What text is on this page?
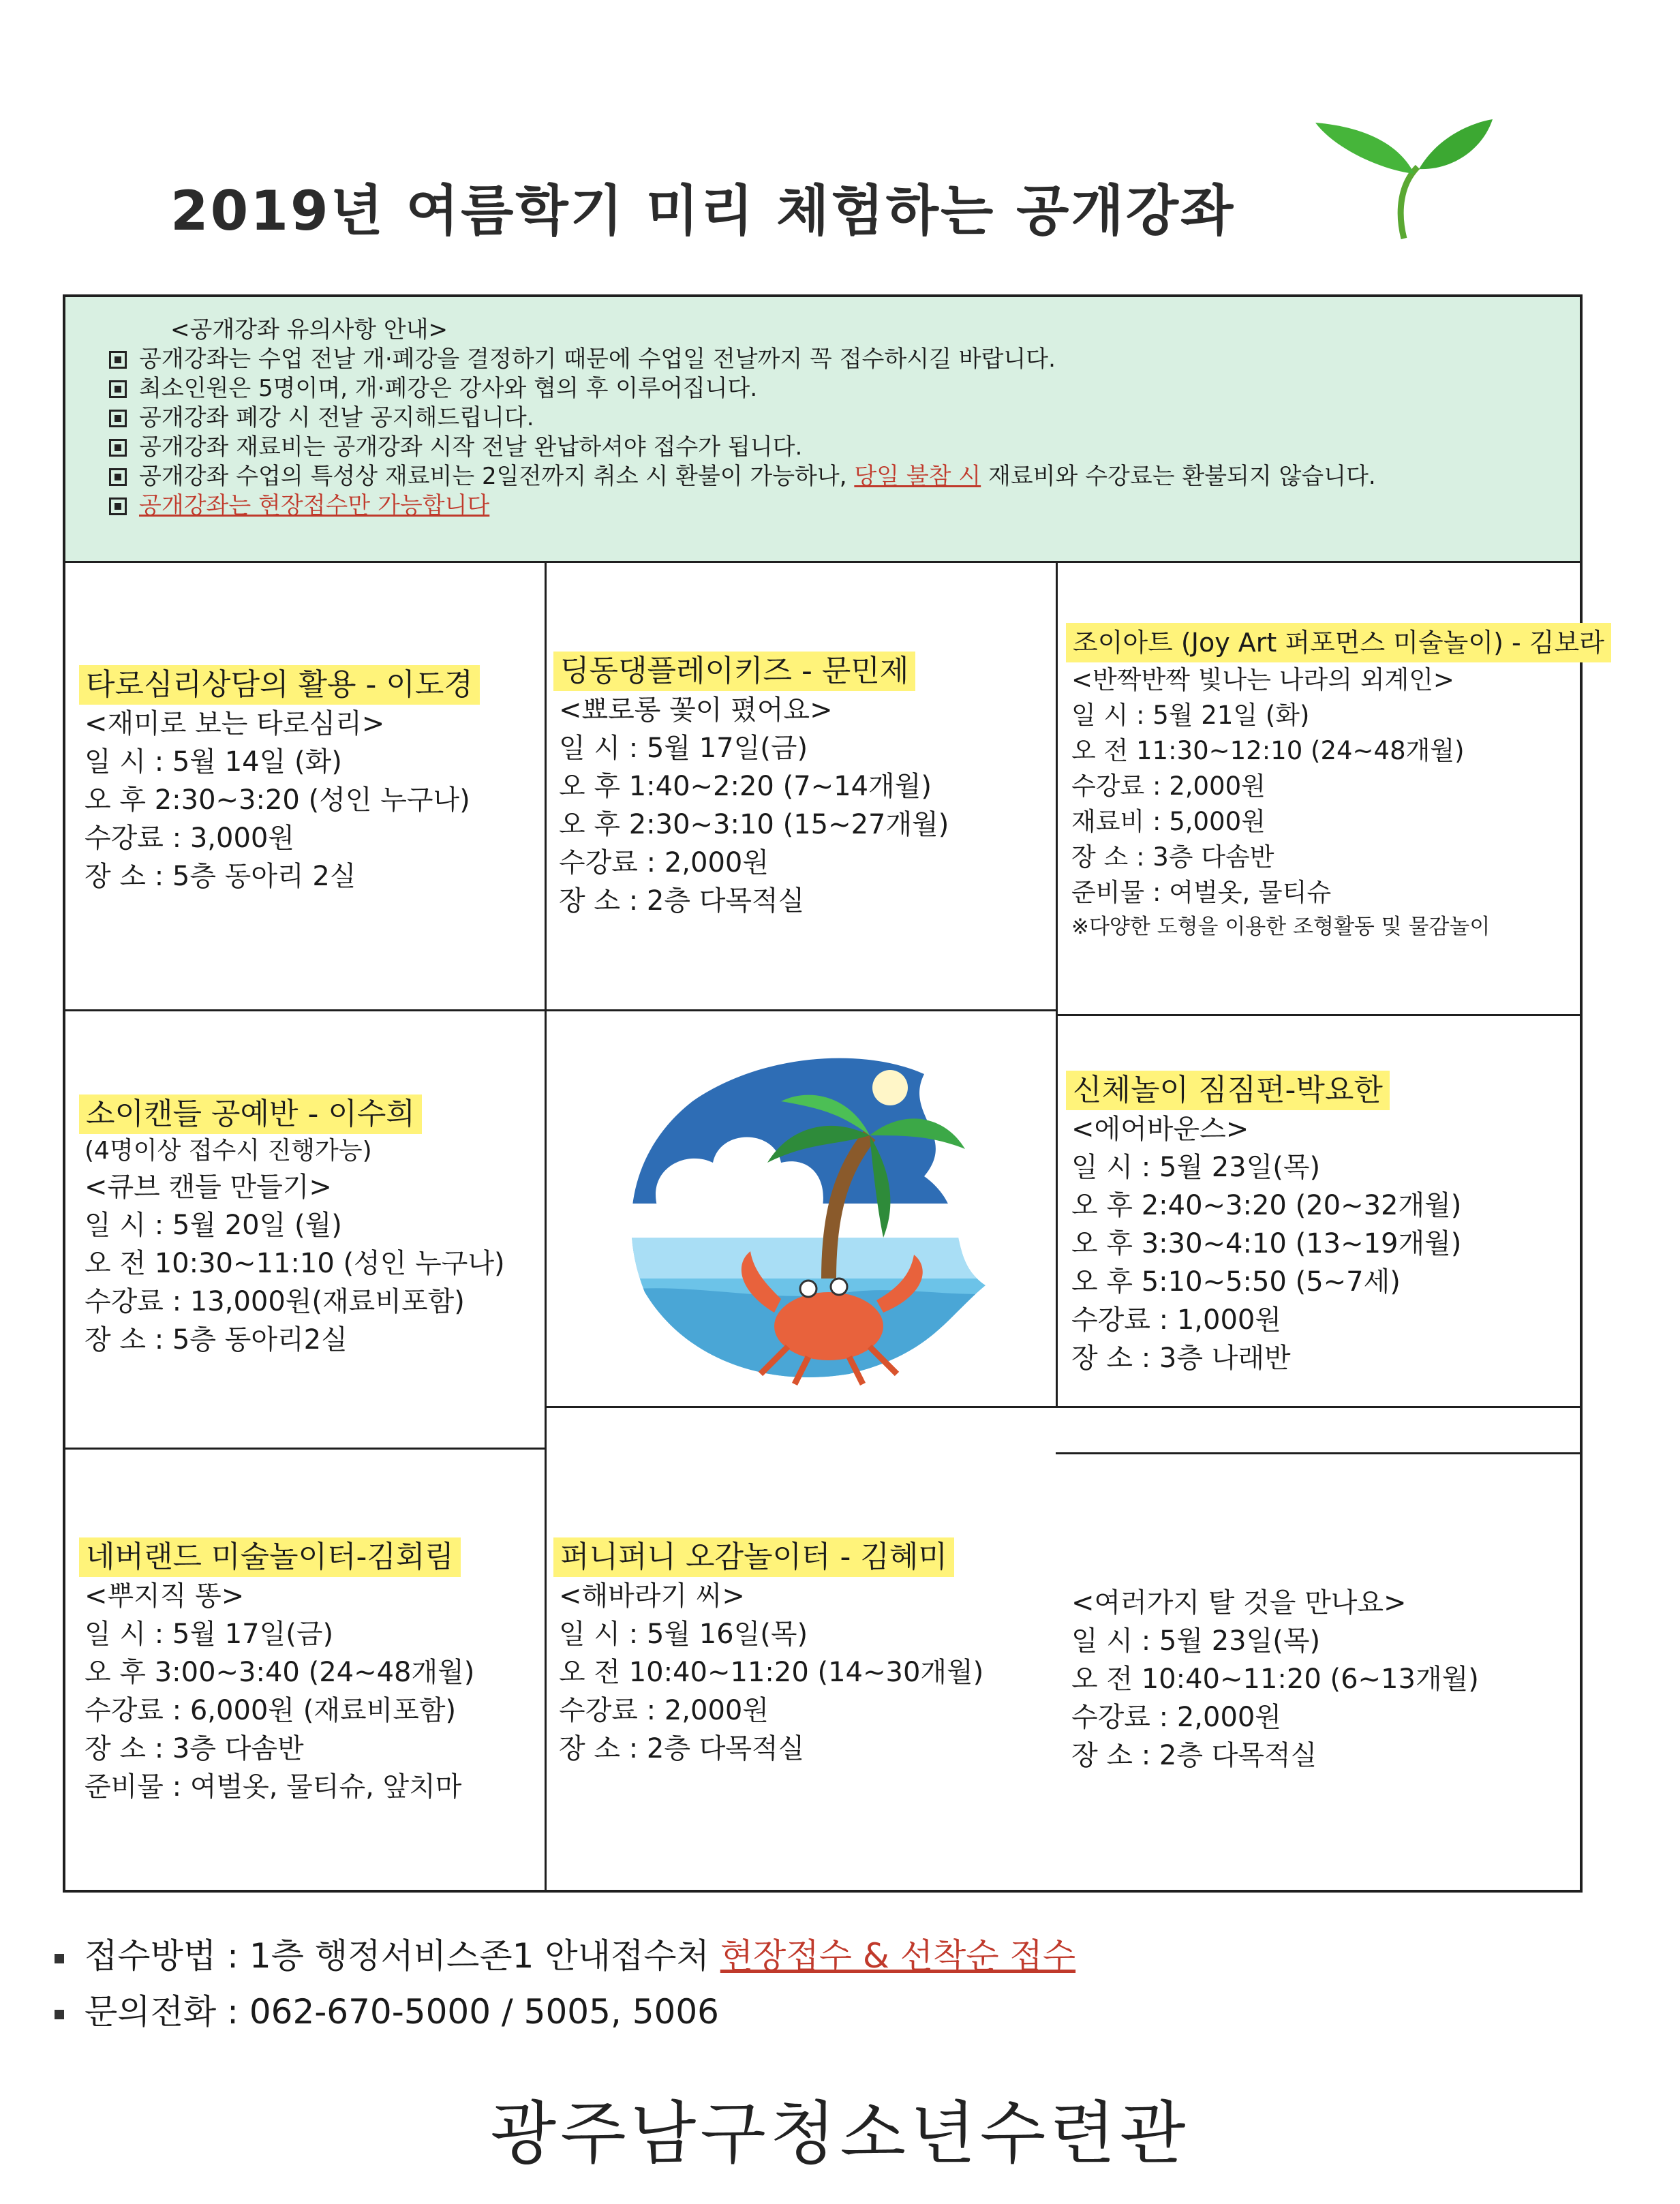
2019년 여름학기 미리 체험하는 공개강좌
<공개강좌 유의사항 안내>
공개강좌는 수업 전날 개·폐강을 결정하기 때문에 수업일 전날까지 꼭 접수하시길 바랍니다.
최소인원은 5명이며, 개·폐강은 강사와 협의 후 이루어집니다.
공개강좌 폐강 시 전날 공지해드립니다.
공개강좌 재료비는 공개강좌 시작 전날 완납하셔야 접수가 됩니다.
공개강좌 수업의 특성상 재료비는 2일전까지 취소 시 환불이 가능하나, 당일 불참 시 재료비와 수강료는 환불되지 않습니다.
공개강좌는 현장접수만 가능합니다
타로심리상담의 활용 - 이도경
<재미로 보는 타로심리>
일 시 : 5월 14일 (화)
오 후 2:30~3:20 (성인 누구나)
수강료 : 3,000원
장 소 : 5층 동아리 2실
딩동댕플레이키즈 - 문민제
<뾰로롱 꽃이 폈어요>
일 시 : 5월 17일(금)
오 후 1:40~2:20 (7~14개월)
오 후 2:30~3:10 (15~27개월)
수강료 : 2,000원
장 소 : 2층 다목적실
조이아트 (Joy Art 퍼포먼스 미술놀이) - 김보라
<반짝반짝 빛나는 나라의 외계인>
일 시 : 5월 21일 (화)
오 전 11:30~12:10 (24~48개월)
수강료 : 2,000원
재료비 : 5,000원
장 소 : 3층 다솜반
준비물 : 여벌옷, 물티슈
※다양한 도형을 이용한 조형활동 및 물감놀이
소이캔들 공예반 - 이수희
(4명이상 접수시 진행가능)
<큐브 캔들 만들기>
일 시 : 5월 20일 (월)
오 전 10:30~11:10 (성인 누구나)
수강료 : 13,000원(재료비포함)
장 소 : 5층 동아리2실
신체놀이 짐짐펀-박요한
<에어바운스>
일 시 : 5월 23일(목)
오 후 2:40~3:20 (20~32개월)
오 후 3:30~4:10 (13~19개월)
오 후 5:10~5:50 (5~7세)
수강료 : 1,000원
장 소 : 3층 나래반
네버랜드 미술놀이터-김회림
<뿌지직 똥>
일 시 : 5월 17일(금)
오 후 3:00~3:40 (24~48개월)
수강료 : 6,000원 (재료비포함)
장 소 : 3층 다솜반
준비물 : 여벌옷, 물티슈, 앞치마
퍼니퍼니 오감놀이터 - 김혜미
<해바라기 씨>
일 시 : 5월 16일(목)
오 전 10:40~11:20 (14~30개월)
수강료 : 2,000원
장 소 : 2층 다목적실
<여러가지 탈 것을 만나요>
일 시 : 5월 23일(목)
오 전 10:40~11:20 (6~13개월)
수강료 : 2,000원
장 소 : 2층 다목적실
접수방법 : 1층 행정서비스존1 안내접수처 현장접수 & 선착순 접수
문의전화 : 062-670-5000 / 5005, 5006
광주남구청소년수련관
